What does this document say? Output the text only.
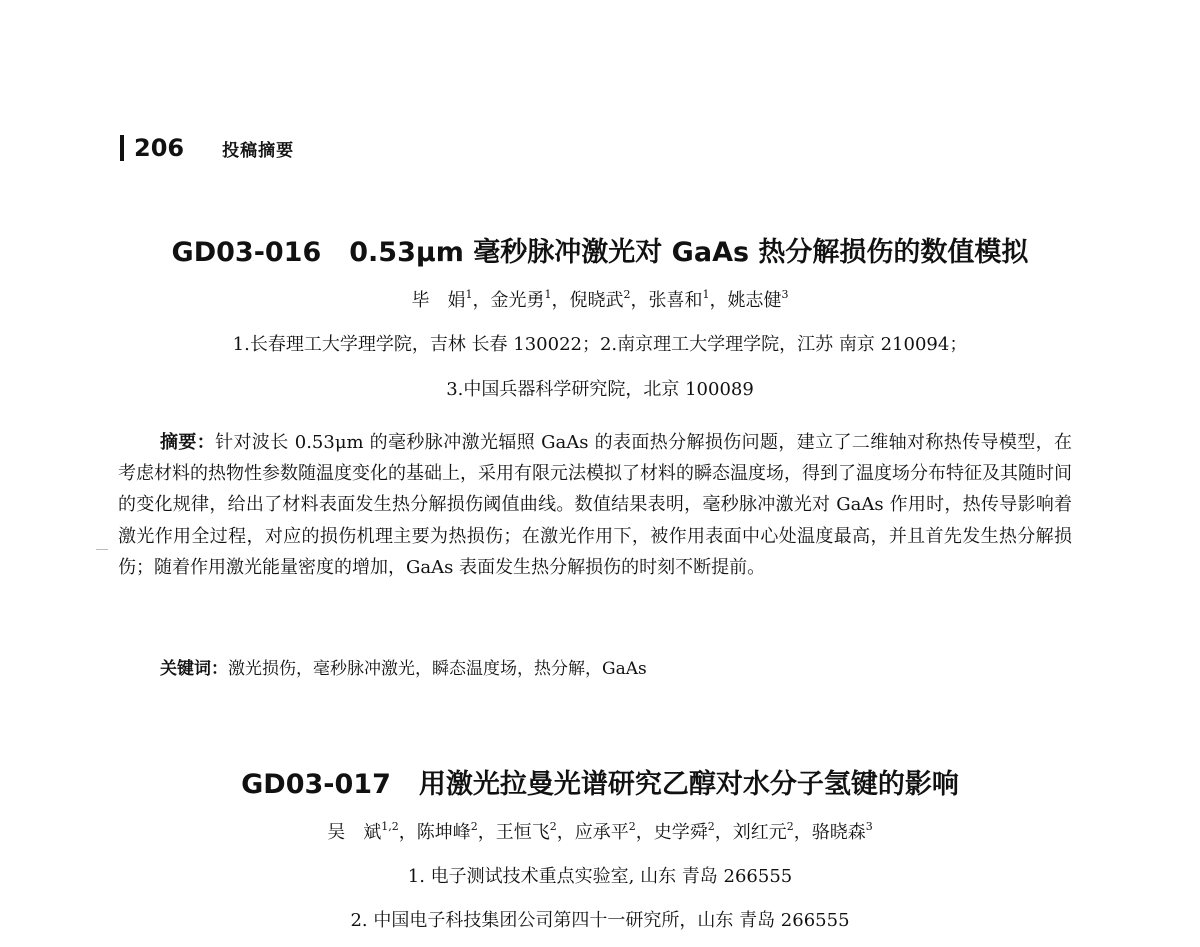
206 投稿摘要
GD03-016 0.53μm 毫秒脉冲激光对 GaAs 热分解损伤的数值模拟
毕　娟$^1$，金光勇$^1$，倪晓武$^2$，张喜和$^1$，姚志健$^3$
1.长春理工大学理学院，吉林 长春 130022；2.南京理工大学理学院，江苏 南京 210094；
3.中国兵器科学研究院，北京 100089

摘要：针对波长 0.53μm 的毫秒脉冲激光辐照 GaAs 的表面热分解损伤问题，建立了二维轴对称热传导模型，在考虑材料的热物性参数随温度变化的基础上，采用有限元法模拟了材料的瞬态温度场，得到了温度场分布特征及其随时间的变化规律，给出了材料表面发生热分解损伤阈值曲线。数值结果表明，毫秒脉冲激光对 GaAs 作用时，热传导影响着激光作用全过程，对应的损伤机理主要为热损伤；在激光作用下，被作用表面中心处温度最高，并且首先发生热分解损伤；随着作用激光能量密度的增加，GaAs 表面发生热分解损伤的时刻不断提前。

关键词：激光损伤，毫秒脉冲激光，瞬态温度场，热分解，GaAs
GD03-017 用激光拉曼光谱研究乙醇对水分子氢键的影响
吴　斌$^{1,2}$，陈坤峰$^2$，王恒飞$^2$，应承平$^2$，史学舜$^2$，刘红元$^2$，骆晓森$^3$
1. 电子测试技术重点实验室, 山东 青岛 266555
2. 中国电子科技集团公司第四十一研究所，山东 青岛 266555
